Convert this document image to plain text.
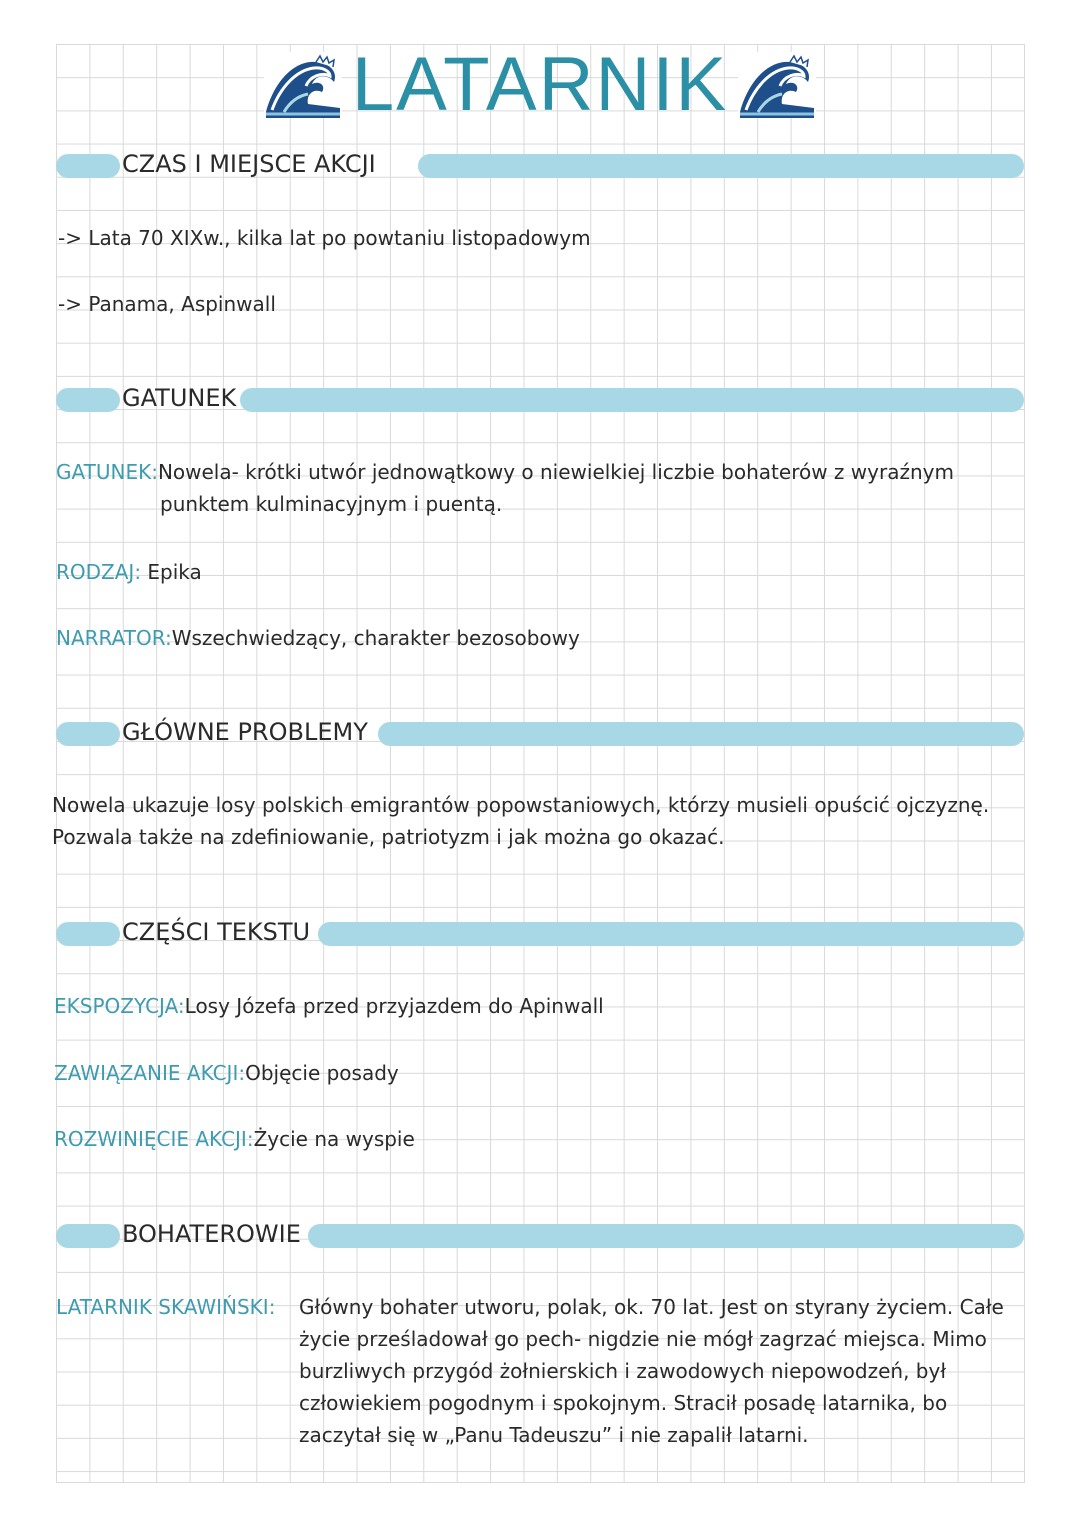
LATARNIK
CZAS I MIEJSCE AKCJI
-> Lata 70 XIXw., kilka lat po powtaniu listopadowym
-> Panama, Aspinwall
GATUNEK
GATUNEK:Nowela- krótki utwór jednowątkowy o niewielkiej liczbie bohaterów z wyraźnym
punktem kulminacyjnym i puentą.
RODZAJ: Epika
NARRATOR:Wszechwiedzący, charakter bezosobowy
GŁÓWNE PROBLEMY
Nowela ukazuje losy polskich emigrantów popowstaniowych, którzy musieli opuścić ojczyznę.
Pozwala także na zdefiniowanie, patriotyzm i jak można go okazać.
CZĘŚCI TEKSTU
EKSPOZYCJA:Losy Józefa przed przyjazdem do Apinwall
ZAWIĄZANIE AKCJI:Objęcie posady
ROZWINIĘCIE AKCJI:Życie na wyspie
BOHATEROWIE
LATARNIK SKAWIŃSKI: Główny bohater utworu, polak, ok. 70 lat. Jest on styrany życiem. Całe
życie prześladował go pech- nigdzie nie mógł zagrzać miejsca. Mimo
burzliwych przygód żołnierskich i zawodowych niepowodzeń, był
człowiekiem pogodnym i spokojnym. Stracił posadę latarnika, bo
zaczytał się w „Panu Tadeuszu” i nie zapalił latarni.
